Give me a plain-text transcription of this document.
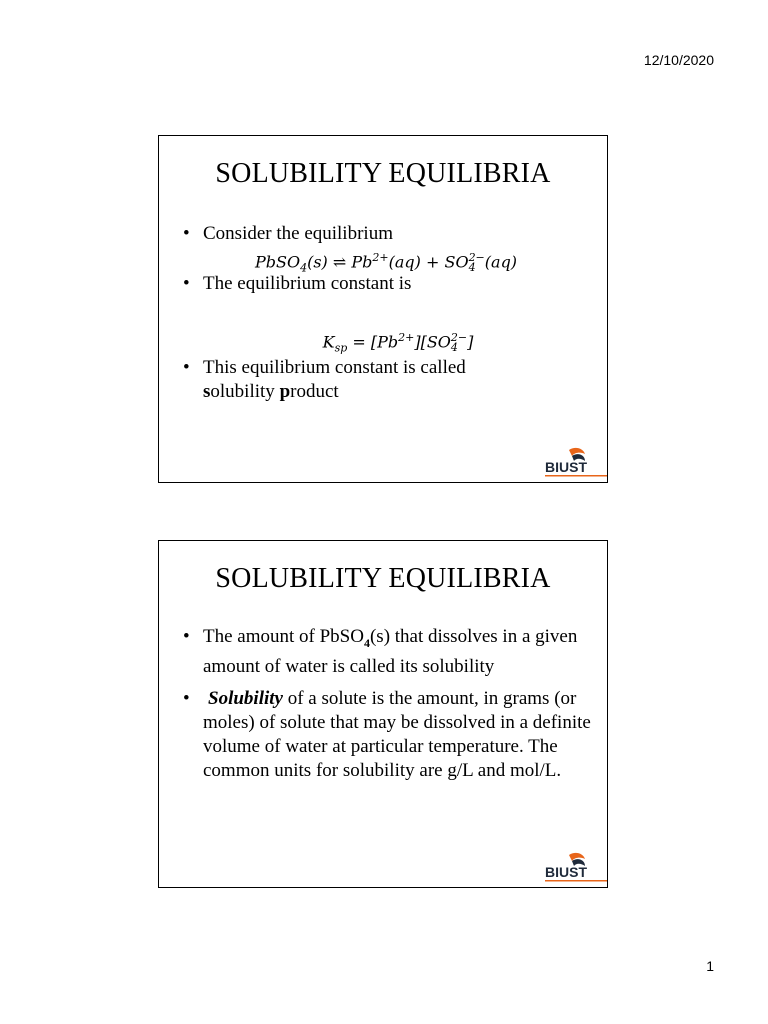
12/10/2020
SOLUBILITY EQUILIBRIA
• Consider the equilibrium
PbSO$_4$(s) ⇌ $Pb^{2+}(aq)$ + SO 2−
4 (aq)
• The equilibrium constant is
$K_{sp} = [Pb^{2+}][SO$ 2−
4 ]
• This equilibrium constant is called
solubility product
BIUST
SOLUBILITY EQUILIBRIA
• The amount of PbSO$_4$(s) that dissolves in a given amount of water is called its solubility
• Solubility of a solute is the amount, in grams (or moles) of solute that may be dissolved in a definite volume of water at particular temperature. The common units for solubility are g/L and mol/L.
BIUST
1
